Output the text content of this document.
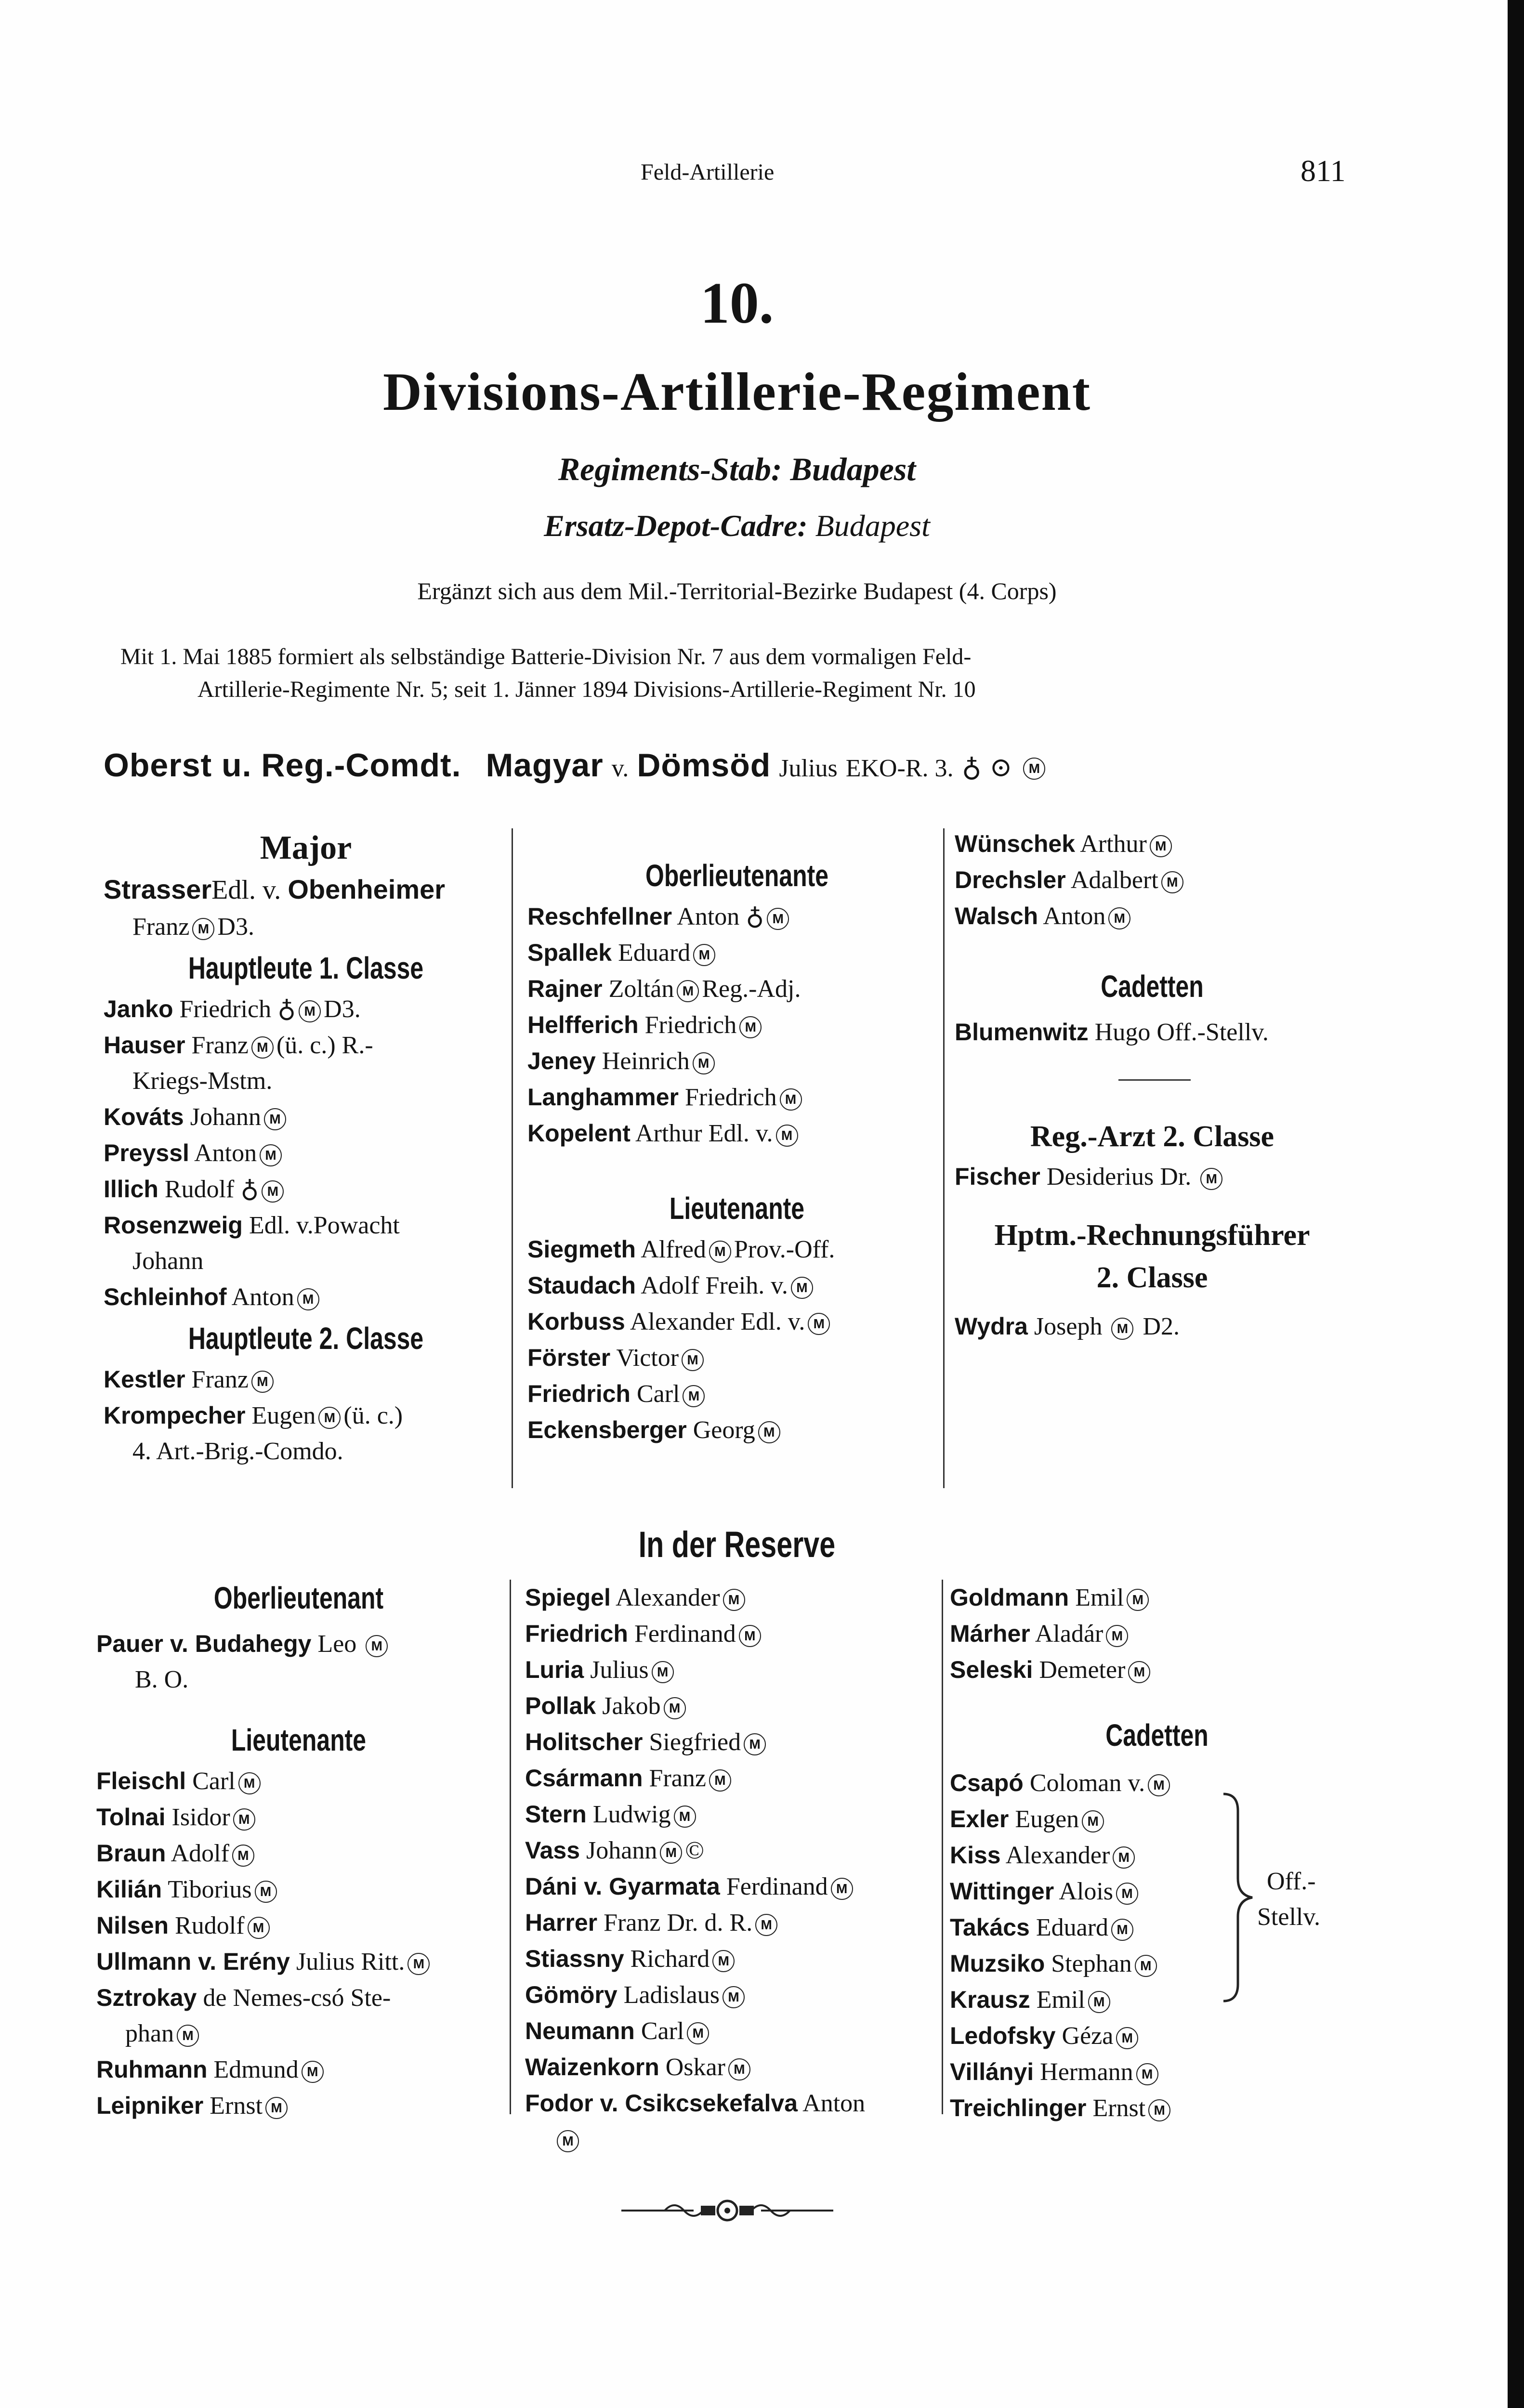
Feld-Artillerie	811
10.
Divisions-Artillerie-Regiment
Regiments-Stab: Budapest
Ersatz-Depot-Cadre: Budapest
Ergänzt sich aus dem Mil.-Territorial-Bezirke Budapest (4. Corps)
Mit 1. Mai 1885 formiert als selbständige Batterie-Division Nr. 7 aus dem vormaligen Feld-
Artillerie-Regimente Nr. 5; seit 1. Jänner 1894 Divisions-Artillerie-Regiment Nr. 10
Oberst u. Reg.-Comdt. Magyar v. Dömsöd Julius EKO-R. 3. ♁ ⊙ M
Major
StrasserEdl. v. Obenheimer
Franz M D3.
Hauptleute 1. Classe
Janko Friedrich ♁ M D3.
Hauser Franz M (ü. c.) R.-
Kriegs-Mstm.
Kováts Johann M
Preyssl Anton M
Illich Rudolf ♁ M
Rosenzweig Edl. v.Powacht
Johann
Schleinhof Anton M
Hauptleute 2. Classe
Kestler Franz M
Krompecher Eugen M (ü. c.)
4. Art.-Brig.-Comdo.
Oberlieutenante
Reschfellner Anton ♁ M
Spallek Eduard M
Rajner Zoltán M Reg.-Adj.
Helfferich Friedrich M
Jeney Heinrich M
Langhammer Friedrich M
Kopelent Arthur Edl. v. M
Lieutenante
Siegmeth Alfred M Prov.-Off.
Staudach Adolf Freih. v. M
Korbuss Alexander Edl. v. M
Förster Victor M
Friedrich Carl M
Eckensberger Georg M
Wünschek Arthur M
Drechsler Adalbert M
Walsch Anton M
Cadetten
Blumenwitz Hugo Off.-Stellv.
Reg.-Arzt 2. Classe
Fischer Desiderius Dr. M
Hptm.-Rechnungsführer
2. Classe
Wydra Joseph M D2.
In der Reserve
Oberlieutenant
Pauer v. Budahegy Leo M
B. O.
Lieutenante
Fleischl Carl M
Tolnai Isidor M
Braun Adolf M
Kilián Tiborius M
Nilsen Rudolf M
Ullmann v. Erény Julius Ritt. M
Sztrokay de Nemes-csó Ste-
phan M
Ruhmann Edmund M
Leipniker Ernst M
Spiegel Alexander M
Friedrich Ferdinand M
Luria Julius M
Pollak Jakob M
Holitscher Siegfried M
Csármann Franz M
Stern Ludwig M
Vass Johann M ©
Dáni v. Gyarmata Ferdinand M
Harrer Franz Dr. d. R. M
Stiassny Richard M
Gömöry Ladislaus M
Neumann Carl M
Waizenkorn Oskar M
Fodor v. Csikcsekefalva Anton
M
Goldmann Emil M
Márher Aladár M
Seleski Demeter M
Cadetten
Csapó Coloman v. M
Exler Eugen M
Kiss Alexander M
Wittinger Alois M
Takács Eduard M
Muzsiko Stephan M
Krausz Emil M
Ledofsky Géza M
Villányi Hermann M
Treichlinger Ernst M
Off.-
Stellv.
